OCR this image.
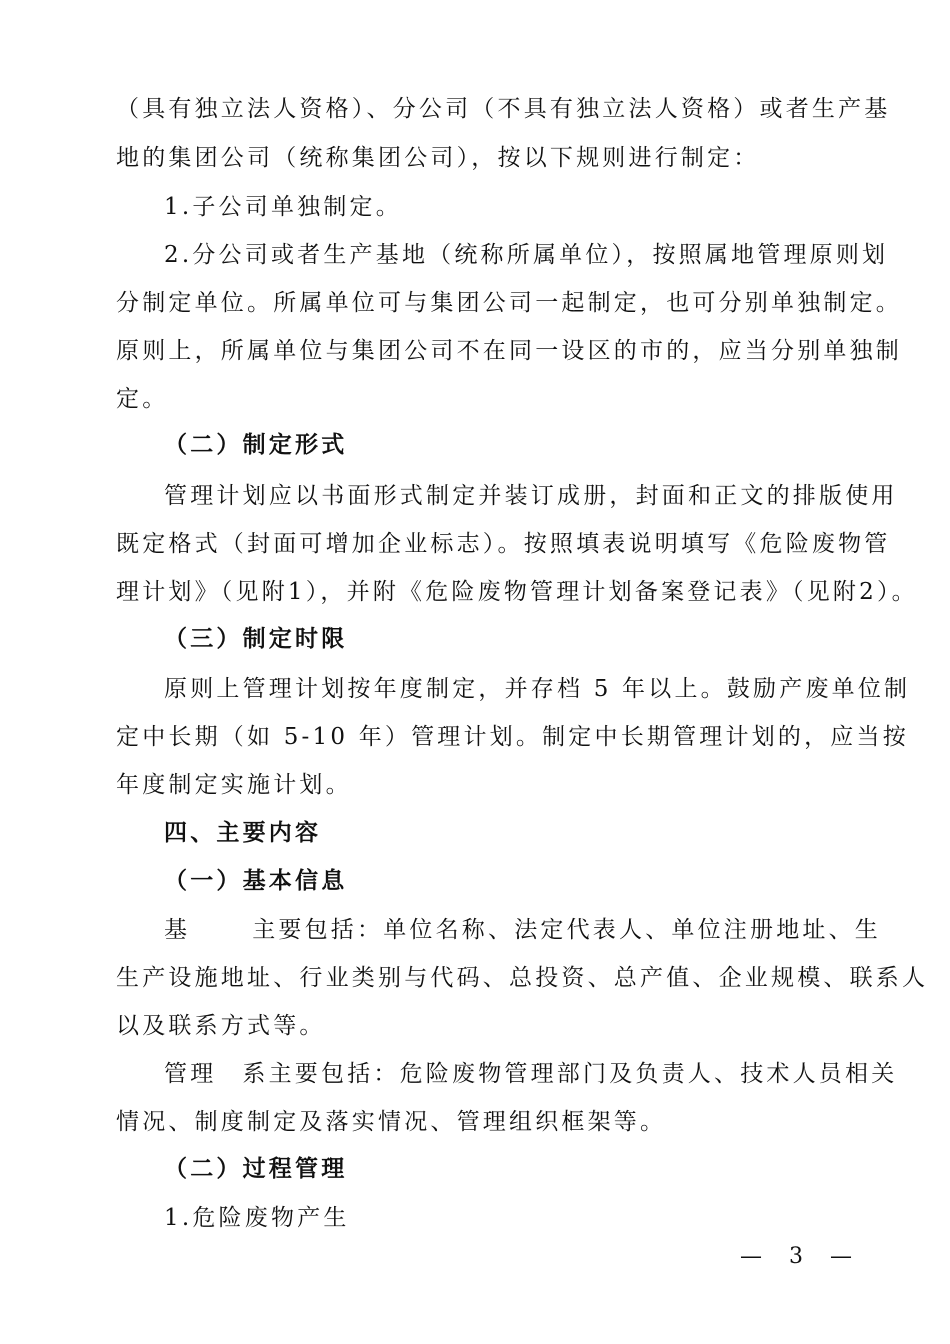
（具有独立法人资格）、分公司（不具有独立法人资格）或者生产基
地的集团公司（统称集团公司），按以下规则进行制定：
1.子公司单独制定。
2.分公司或者生产基地（统称所属单位），按照属地管理原则划
分制定单位。所属单位可与集团公司一起制定，也可分别单独制定。
原则上，所属单位与集团公司不在同一设区的市的，应当分别单独制
定。
（二）制定形式
管理计划应以书面形式制定并装订成册，封面和正文的排版使用
既定格式（封面可增加企业标志）。按照填表说明填写《危险废物管
理计划》（见附1），并附《危险废物管理计划备案登记表》（见附2）。
（三）制定时限
原则上管理计划按年度制定，并存档 5 年以上。鼓励产废单位制
定中长期（如 5-10 年）管理计划。制定中长期管理计划的，应当按
年度制定实施计划。
四、主要内容
（一）基本信息
基	主要包括：单位名称、法定代表人、单位注册地址、生
生产设施地址、行业类别与代码、总投资、总产值、企业规模、联系人
以及联系方式等。
管理 系主要包括：危险废物管理部门及负责人、技术人员相关
情况、制度制定及落实情况、管理组织框架等。
（二）过程管理
1.危险废物产生
— 3 —
